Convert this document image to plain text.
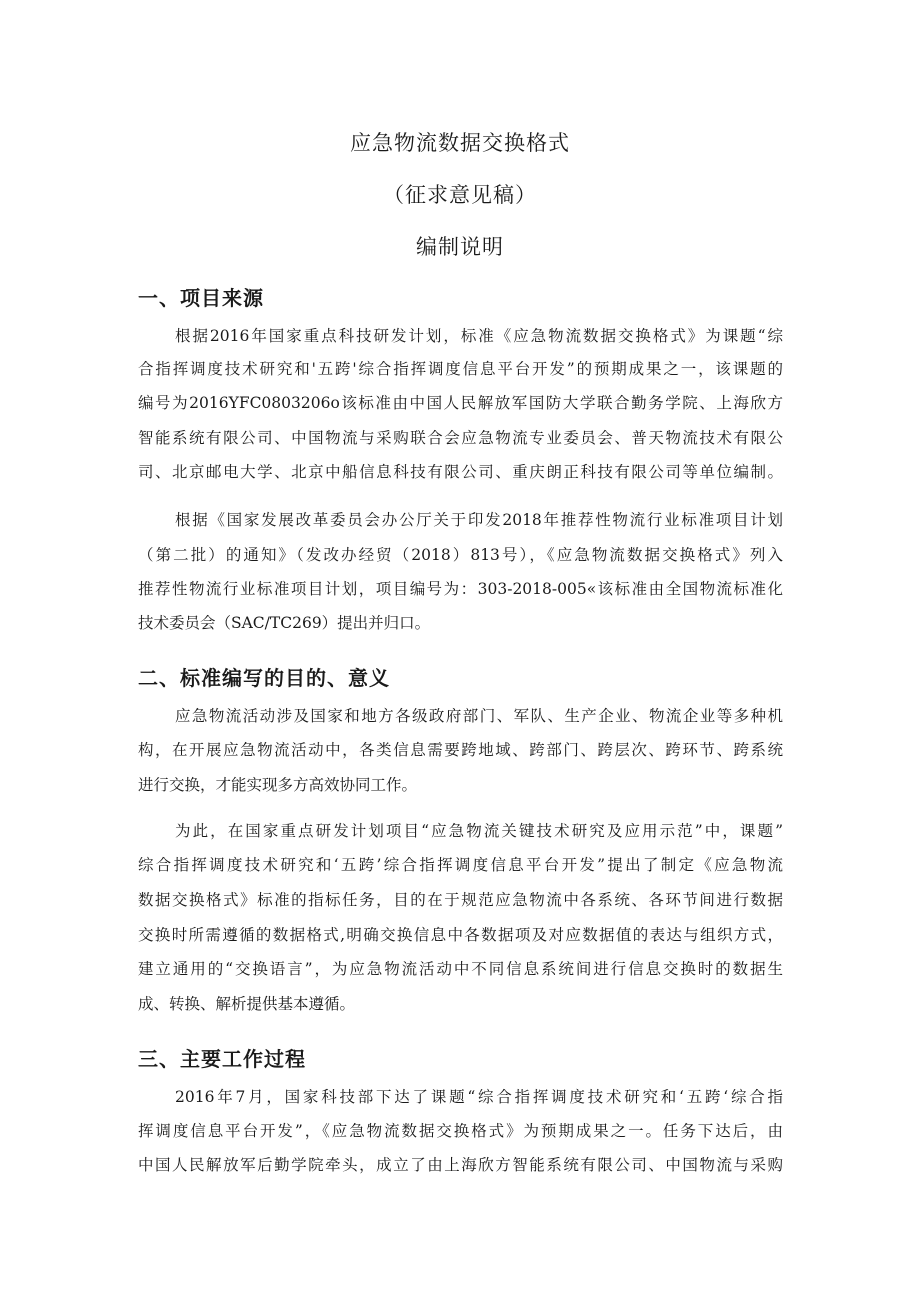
应急物流数据交换格式
（征求意见稿）
编制说明
一、项目来源
根据2016年国家重点科技研发计划，标准《应急物流数据交换格式》为课题“综
合指挥调度技术研究和'五跨'综合指挥调度信息平台开发”的预期成果之一，该课题的
编号为2016YFC0803206o该标准由中国人民解放军国防大学联合勤务学院、上海欣方
智能系统有限公司、中国物流与采购联合会应急物流专业委员会、普天物流技术有限公
司、北京邮电大学、北京中船信息科技有限公司、重庆朗正科技有限公司等单位编制。
根据《国家发展改革委员会办公厅关于印发2018年推荐性物流行业标准项目计划
（第二批）的通知》（发改办经贸（2018）813号），《应急物流数据交换格式》列入
推荐性物流行业标准项目计划，项目编号为：303-2018-005«该标准由全国物流标准化
技术委员会（SAC/TC269）提出并归口。
二、标准编写的目的、意义
应急物流活动涉及国家和地方各级政府部门、军队、生产企业、物流企业等多种机
构，在开展应急物流活动中，各类信息需要跨地域、跨部门、跨层次、跨环节、跨系统
进行交换，才能实现多方高效协同工作。
为此，在国家重点研发计划项目“应急物流关键技术研究及应用示范”中，课题”
综合指挥调度技术研究和‘五跨’综合指挥调度信息平台开发”提出了制定《应急物流
数据交换格式》标准的指标任务，目的在于规范应急物流中各系统、各环节间进行数据
交换时所需遵循的数据格式,明确交换信息中各数据项及对应数据值的表达与组织方式，
建立通用的“交换语言”，为应急物流活动中不同信息系统间进行信息交换时的数据生
成、转换、解析提供基本遵循。
三、主要工作过程
2016年7月，国家科技部下达了课题“综合指挥调度技术研究和‘五跨‘综合指
挥调度信息平台开发”，《应急物流数据交换格式》为预期成果之一。任务下达后，由
中国人民解放军后勤学院牵头，成立了由上海欣方智能系统有限公司、中国物流与采购
